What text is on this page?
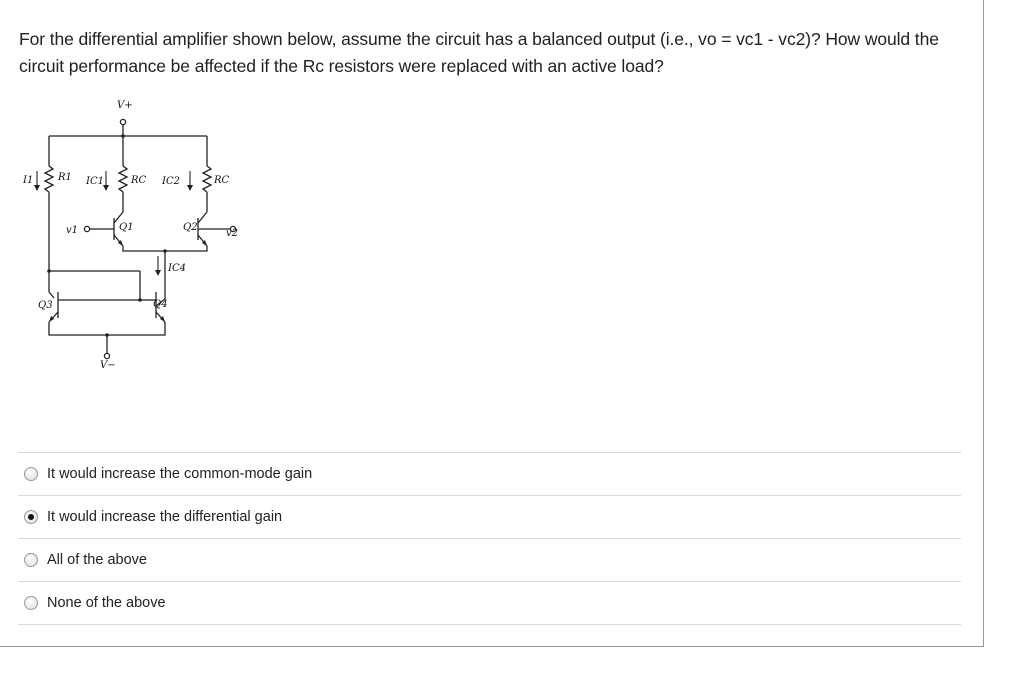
For the differential amplifier shown below, assume the circuit has a balanced output (i.e., vo = vc1 - vc2)? How would the circuit performance be affected if the Rc resistors were replaced with an active load?
V+
V−
I1 R1 IC1	RC IC2	RC
v1	v2
Q1	Q2
Q3	Q4
IC4
It would increase the common-mode gain
It would increase the differential gain
All of the above
None of the above
